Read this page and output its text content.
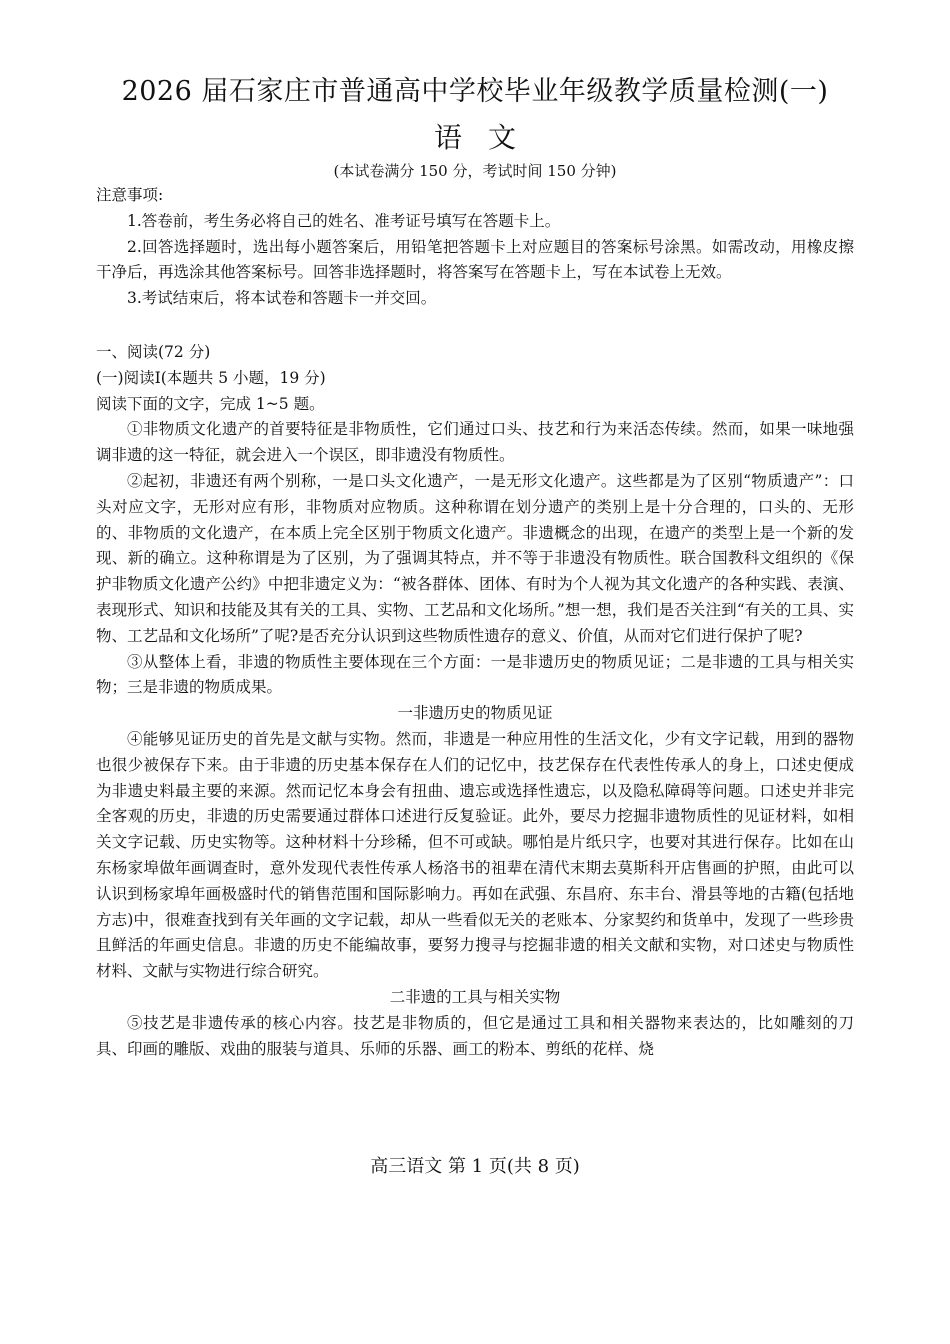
2026 届石家庄市普通高中学校毕业年级教学质量检测(一)
语文
(本试卷满分 150 分，考试时间 150 分钟)

注意事项:

1.答卷前，考生务必将自己的姓名、准考证号填写在答题卡上。

2.回答选择题时，选出每小题答案后，用铅笔把答题卡上对应题目的答案标号涂黑。如需改动，用橡皮擦干净后，再选涂其他答案标号。回答非选择题时，将答案写在答题卡上，写在本试卷上无效。

3.考试结束后，将本试卷和答题卡一并交回。

一、阅读(72 分)

(一)阅读Ⅰ(本题共 5 小题，19 分)

阅读下面的文字，完成 1~5 题。

①非物质文化遗产的首要特征是非物质性，它们通过口头、技艺和行为来活态传续。然而，如果一味地强调非遗的这一特征，就会进入一个误区，即非遗没有物质性。

②起初，非遗还有两个别称，一是口头文化遗产，一是无形文化遗产。这些都是为了区别“物质遗产”：口头对应文字，无形对应有形，非物质对应物质。这种称谓在划分遗产的类别上是十分合理的，口头的、无形的、非物质的文化遗产，在本质上完全区别于物质文化遗产。非遗概念的出现，在遗产的类型上是一个新的发现、新的确立。这种称谓是为了区别，为了强调其特点，并不等于非遗没有物质性。联合国教科文组织的《保护非物质文化遗产公约》中把非遗定义为：“被各群体、团体、有时为个人视为其文化遗产的各种实践、表演、表现形式、知识和技能及其有关的工具、实物、工艺品和文化场所。”想一想，我们是否关注到“有关的工具、实物、工艺品和文化场所”了呢?是否充分认识到这些物质性遗存的意义、价值，从而对它们进行保护了呢?

③从整体上看，非遗的物质性主要体现在三个方面：一是非遗历史的物质见证；二是非遗的工具与相关实物；三是非遗的物质成果。

一非遗历史的物质见证

④能够见证历史的首先是文献与实物。然而，非遗是一种应用性的生活文化，少有文字记载，用到的器物也很少被保存下来。由于非遗的历史基本保存在人们的记忆中，技艺保存在代表性传承人的身上，口述史便成为非遗史料最主要的来源。然而记忆本身会有扭曲、遗忘或选择性遗忘，以及隐私障碍等问题。口述史并非完全客观的历史，非遗的历史需要通过群体口述进行反复验证。此外，要尽力挖掘非遗物质性的见证材料，如相关文字记载、历史实物等。这种材料十分珍稀，但不可或缺。哪怕是片纸只字，也要对其进行保存。比如在山东杨家埠做年画调查时，意外发现代表性传承人杨洛书的祖辈在清代末期去莫斯科开店售画的护照，由此可以认识到杨家埠年画极盛时代的销售范围和国际影响力。再如在武强、东昌府、东丰台、滑县等地的古籍(包括地方志)中，很难查找到有关年画的文字记载，却从一些看似无关的老账本、分家契约和货单中，发现了一些珍贵且鲜活的年画史信息。非遗的历史不能编故事，要努力搜寻与挖掘非遗的相关文献和实物，对口述史与物质性材料、文献与实物进行综合研究。

二非遗的工具与相关实物

⑤技艺是非遗传承的核心内容。技艺是非物质的，但它是通过工具和相关器物来表达的，比如雕刻的刀具、印画的雕版、戏曲的服装与道具、乐师的乐器、画工的粉本、剪纸的花样、烧

高三语文 第 1 页(共 8 页)
